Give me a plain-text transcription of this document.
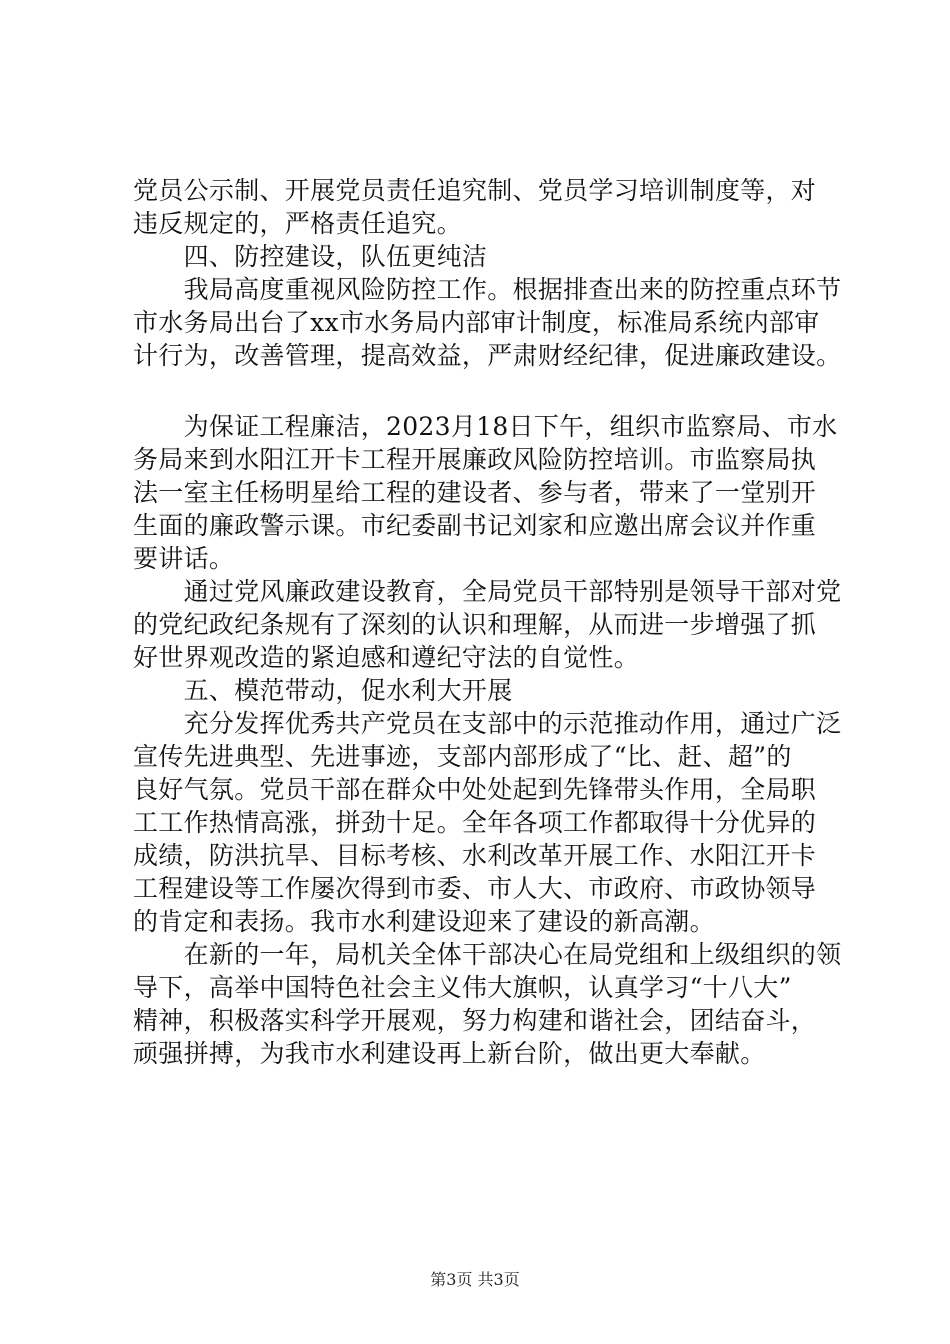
党员公示制、开展党员责任追究制、党员学习培训制度等，对
违反规定的，严格责任追究。
　　四、防控建设，队伍更纯洁
　　我局高度重视风险防控工作。根据排查出来的防控重点环节
市水务局出台了xx市水务局内部审计制度，标准局系统内部审
计行为，改善管理，提高效益，严肃财经纪律，促进廉政建设。
　　为保证工程廉洁，2023月18日下午，组织市监察局、市水
务局来到水阳江开卡工程开展廉政风险防控培训。市监察局执
法一室主任杨明星给工程的建设者、参与者，带来了一堂别开
生面的廉政警示课。市纪委副书记刘家和应邀出席会议并作重
要讲话。
　　通过党风廉政建设教育，全局党员干部特别是领导干部对党
的党纪政纪条规有了深刻的认识和理解，从而进一步增强了抓
好世界观改造的紧迫感和遵纪守法的自觉性。
　　五、模范带动，促水利大开展
　　充分发挥优秀共产党员在支部中的示范推动作用，通过广泛
宣传先进典型、先进事迹，支部内部形成了“比、赶、超”的
良好气氛。党员干部在群众中处处起到先锋带头作用，全局职
工工作热情高涨，拼劲十足。全年各项工作都取得十分优异的
成绩，防洪抗旱、目标考核、水利改革开展工作、水阳江开卡
工程建设等工作屡次得到市委、市人大、市政府、市政协领导
的肯定和表扬。我市水利建设迎来了建设的新高潮。
　　在新的一年，局机关全体干部决心在局党组和上级组织的领
导下，高举中国特色社会主义伟大旗帜，认真学习“十八大”
精神，积极落实科学开展观，努力构建和谐社会，团结奋斗，
顽强拼搏，为我市水利建设再上新台阶，做出更大奉献。
第3页 共3页
